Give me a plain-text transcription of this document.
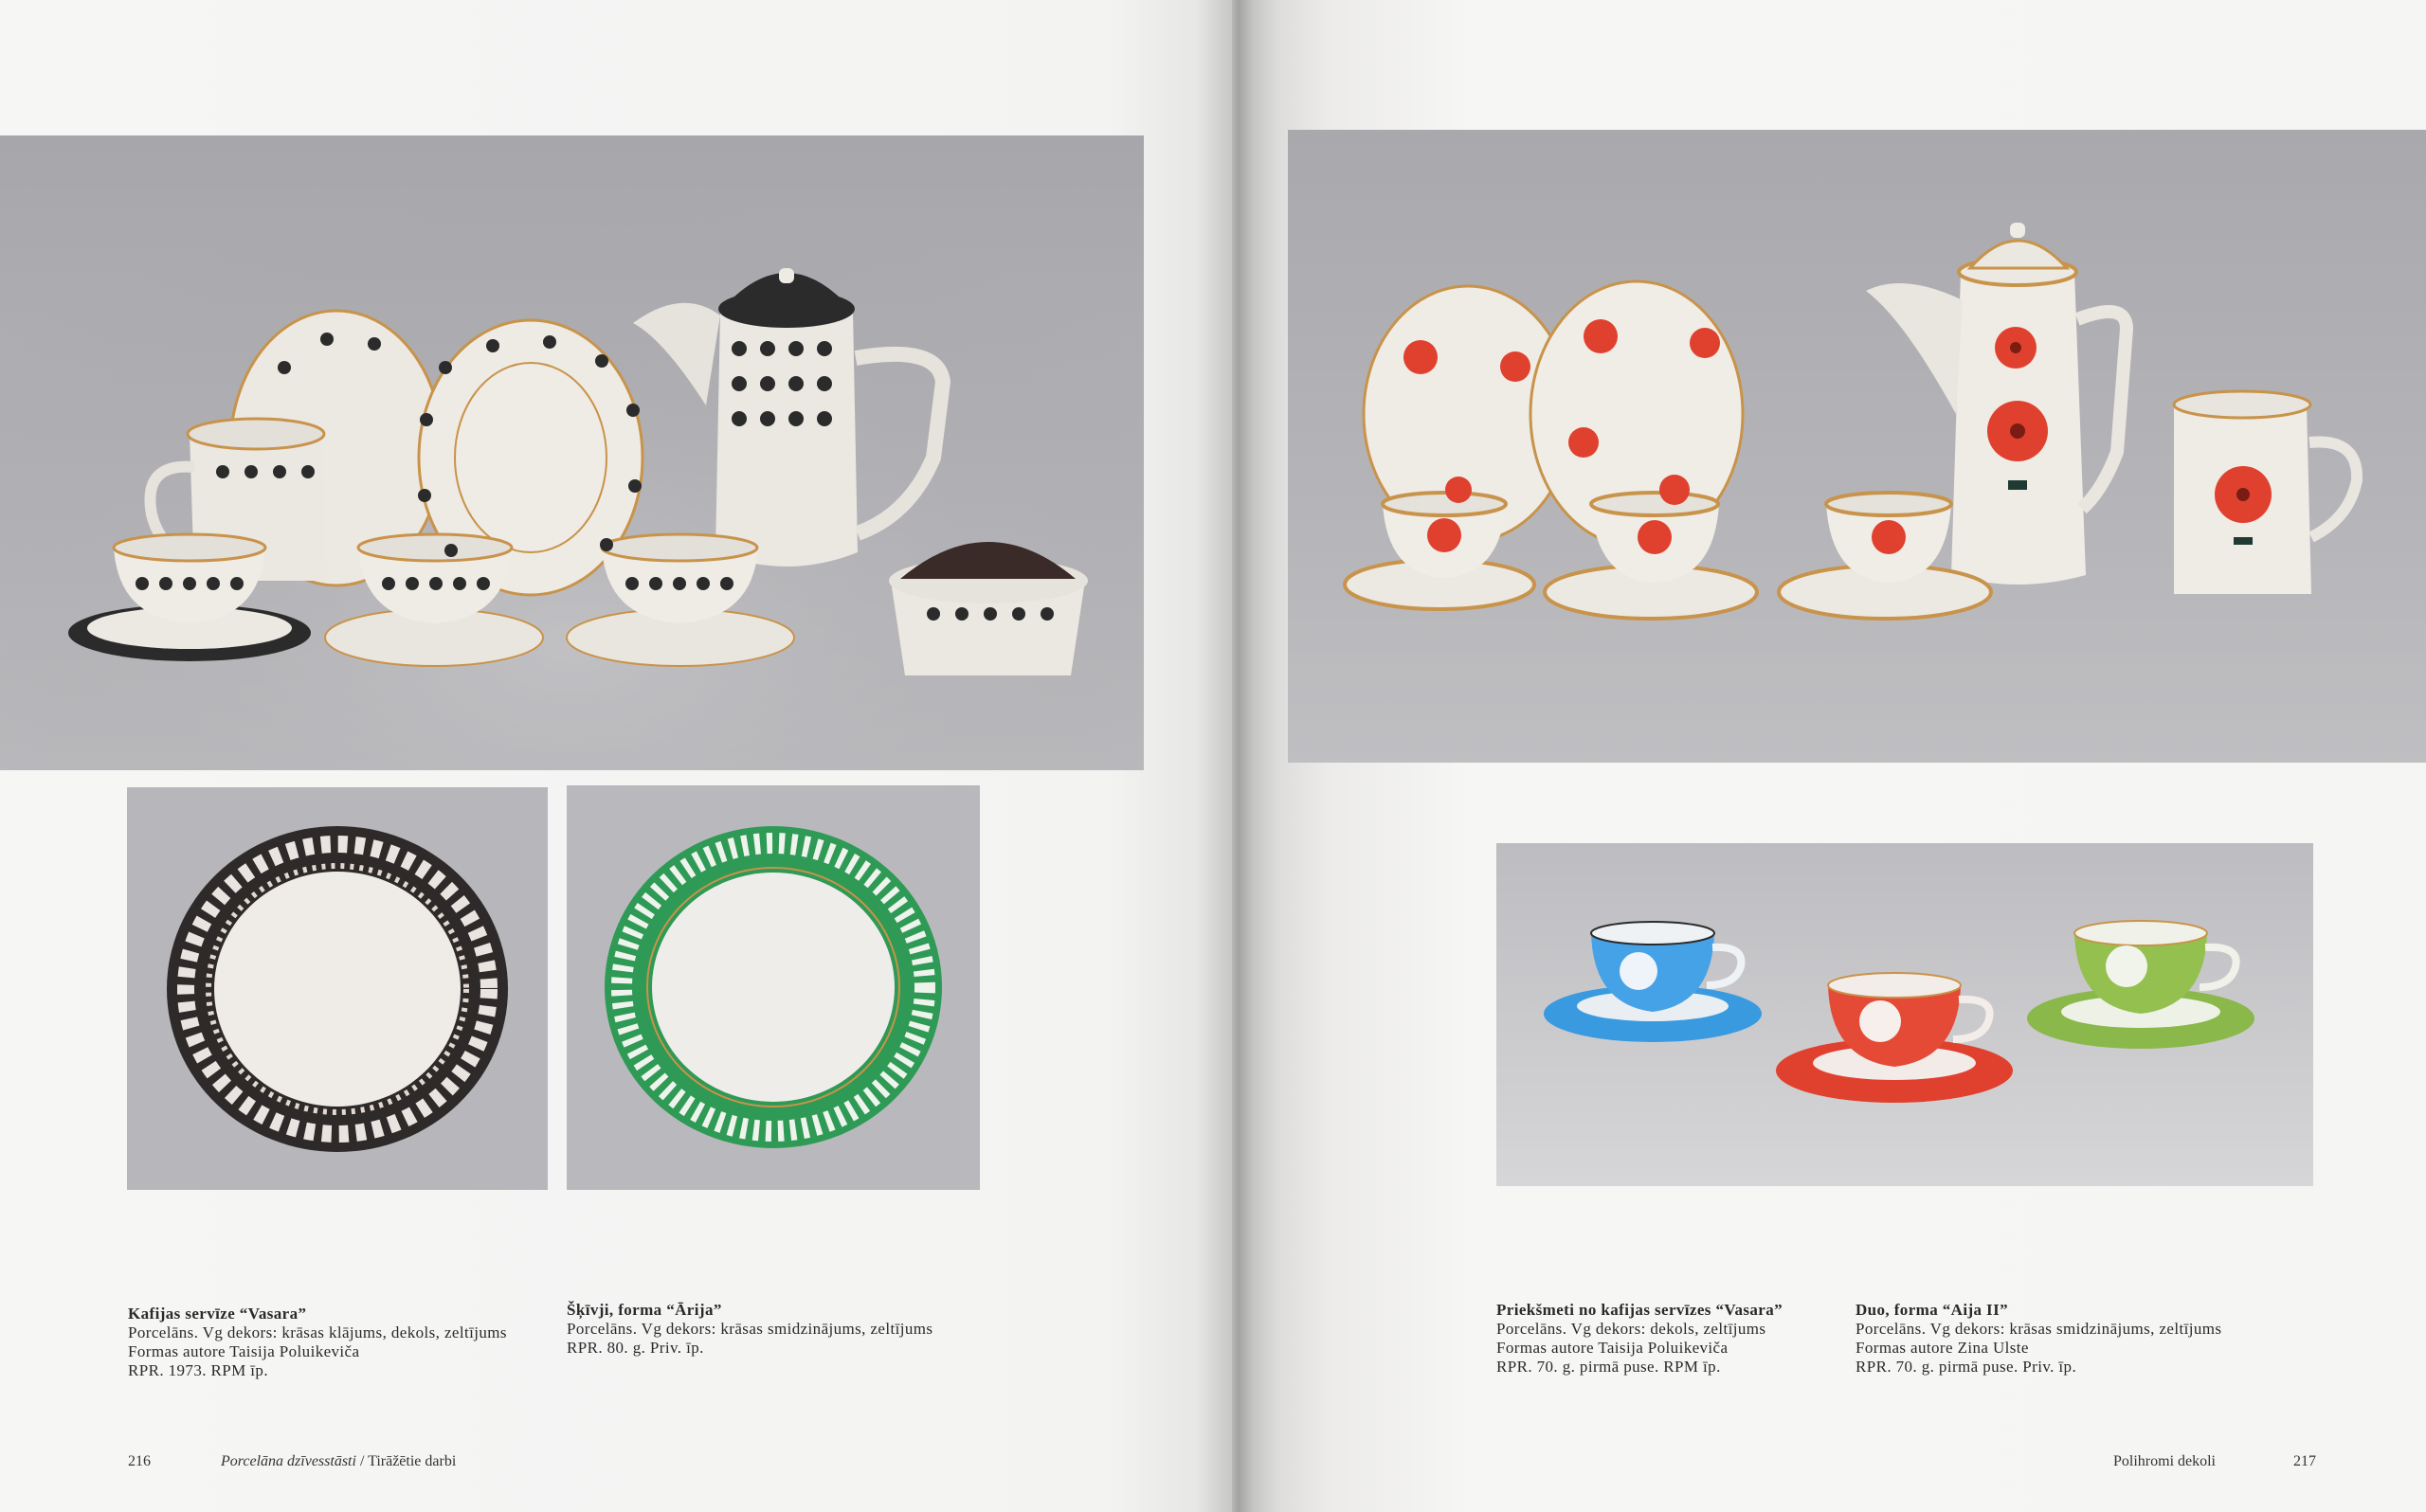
Kafijas servīze “Vasara”
Porcelāns. Vg dekors: krāsas klājums, dekols, zeltījums
Formas autore Taisija Poluikeviča
RPR. 1973. RPM īp.
Šķīvji, forma “Ārija”
Porcelāns. Vg dekors: krāsas smidzinājums, zeltījums
RPR. 80. g. Priv. īp.
216	Porcelāna dzīvesstāsti / Tirāžētie darbi
Priekšmeti no kafijas servīzes “Vasara”
Porcelāns. Vg dekors: dekols, zeltījums
Formas autore Taisija Poluikeviča
RPR. 70. g. pirmā puse. RPM īp.
Duo, forma “Aija II”
Porcelāns. Vg dekors: krāsas smidzinājums, zeltījums
Formas autore Zina Ulste
RPR. 70. g. pirmā puse. Priv. īp.
Polihromi dekoli	217
